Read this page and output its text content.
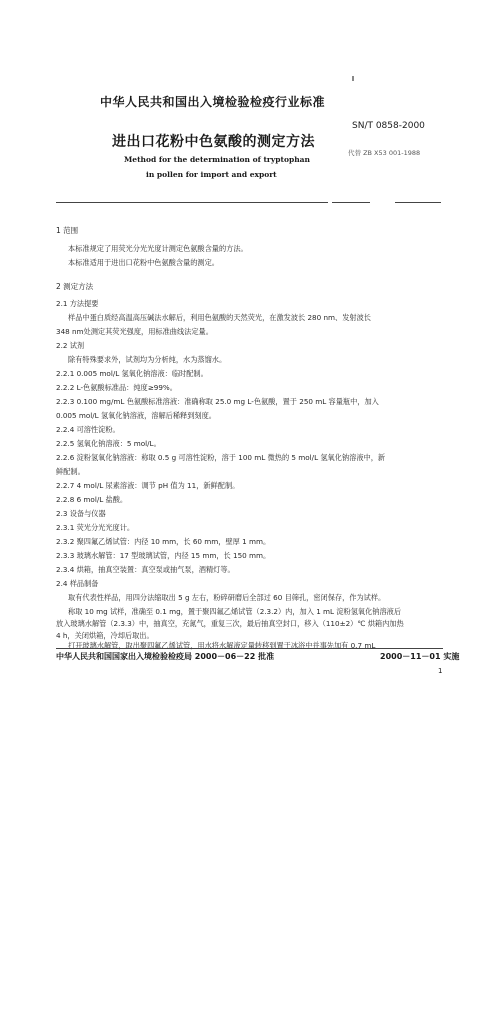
中华人民共和国出入境检验检疫行业标准
进出口花粉中色氨酸的测定方法
SN/T 0858-2000
代替 ZB X53 001-1988
Method for the determination of tryptophan
in pollen for import and export
1 范围
本标准规定了用荧光分光光度计测定色氨酸含量的方法。
本标准适用于进出口花粉中色氨酸含量的测定。
2 测定方法
2.1 方法提要
样品中蛋白质经高温高压碱法水解后，利用色氨酸的天然荧光，在激发波长 280 nm、发射波长
348 nm处测定其荧光强度，用标准曲线法定量。
2.2 试剂
除有特殊要求外，试剂均为分析纯，水为蒸馏水。
2.2.1 0.005 mol/L 氢氧化钠溶液：临时配制。
2.2.2 L-色氨酸标准品：纯度≥99%。
2.2.3 0.100 mg/mL 色氨酸标准溶液：准确称取 25.0 mg L-色氨酸，置于 250 mL 容量瓶中，加入
0.005 mol/L 氢氧化钠溶液，溶解后稀释到刻度。
2.2.4 可溶性淀粉。
2.2.5 氢氧化钠溶液：5 mol/L。
2.2.6 淀粉氢氧化钠溶液：称取 0.5 g 可溶性淀粉，溶于 100 mL 微热的 5 mol/L 氢氧化钠溶液中，新
鲜配制。
2.2.7 4 mol/L 尿素溶液：调节 pH 值为 11，新鲜配制。
2.2.8 6 mol/L 盐酸。
2.3 设备与仪器
2.3.1 荧光分光光度计。
2.3.2 聚四氟乙烯试管：内径 10 mm，长 60 mm，壁厚 1 mm。
2.3.3 玻璃水解管：17 型玻璃试管，内径 15 mm，长 150 mm。
2.3.4 烘箱，抽真空装置：真空泵或抽气泵，酒精灯等。
2.4 样品制备
取有代表性样品，用四分法缩取出 5 g 左右，粉碎研磨后全部过 60 目筛孔，密闭保存，作为试样。
称取 10 mg 试样，准确至 0.1 mg，置于聚四氟乙烯试管（2.3.2）内，加入 1 mL 淀粉氢氧化钠溶液后
放入玻璃水解管（2.3.3）中，抽真空，充氮气，重复三次，最后抽真空封口，移入（110±2）℃ 烘箱内加热
4 h，关闭烘箱，冷却后取出。
打开玻璃水解管，取出聚四氟乙烯试管，用水将水解液定量转移到置于冰浴中并事先加有 0.7 mL
中华人民共和国国家出入境检验检疫局 2000－06－22 批准	2000－11－01 实施
1
